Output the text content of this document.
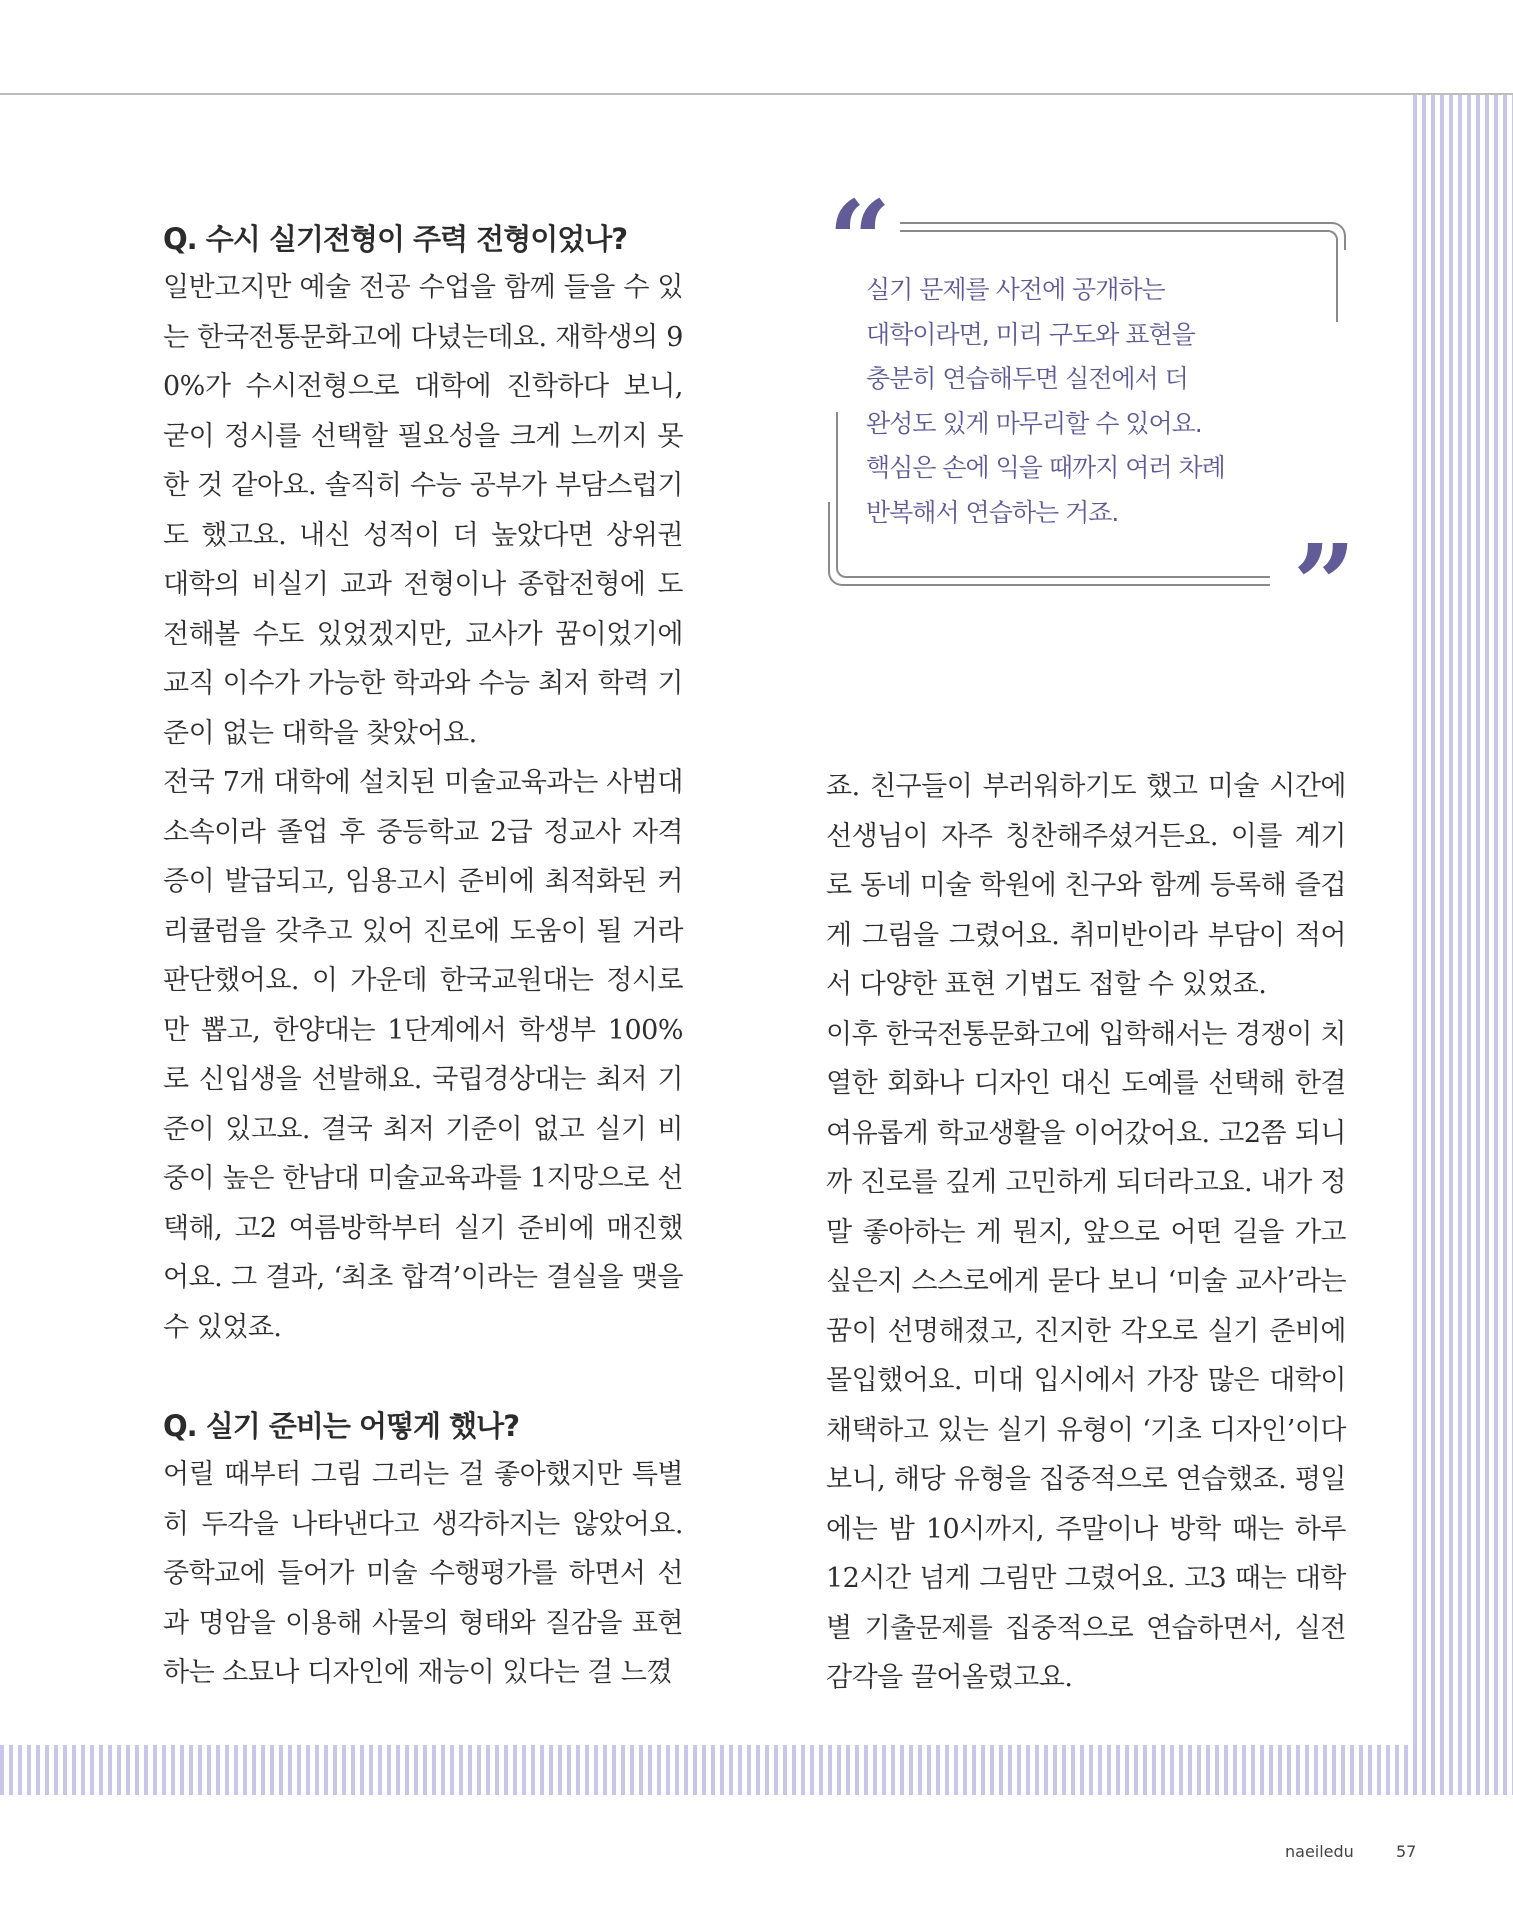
Q. 수시 실기전형이 주력 전형이었나?

일반고지만 예술 전공 수업을 함께 들을 수 있는 한국전통문화고에 다녔는데요. 재학생의 90%가 수시전형으로 대학에 진학하다 보니, 굳이 정시를 선택할 필요성을 크게 느끼지 못한 것 같아요. 솔직히 수능 공부가 부담스럽기도 했고요. 내신 성적이 더 높았다면 상위권 대학의 비실기 교과 전형이나 종합전형에 도전해볼 수도 있었겠지만, 교사가 꿈이었기에 교직 이수가 가능한 학과와 수능 최저 학력 기준이 없는 대학을 찾았어요.

전국 7개 대학에 설치된 미술교육과는 사범대 소속이라 졸업 후 중등학교 2급 정교사 자격증이 발급되고, 임용고시 준비에 최적화된 커리큘럼을 갖추고 있어 진로에 도움이 될 거라 판단했어요. 이 가운데 한국교원대는 정시로만 뽑고, 한양대는 1단계에서 학생부 100%로 신입생을 선발해요. 국립경상대는 최저 기준이 있고요. 결국 최저 기준이 없고 실기 비중이 높은 한남대 미술교육과를 1지망으로 선택해, 고2 여름방학부터 실기 준비에 매진했어요. 그 결과, ‘최초 합격’이라는 결실을 맺을 수 있었죠.

Q. 실기 준비는 어떻게 했나?

어릴 때부터 그림 그리는 걸 좋아했지만 특별히 두각을 나타낸다고 생각하지는 않았어요. 중학교에 들어가 미술 수행평가를 하면서 선과 명암을 이용해 사물의 형태와 질감을 표현하는 소묘나 디자인에 재능이 있다는 걸 느꼈

“

실기 문제를 사전에 공개하는
대학이라면, 미리 구도와 표현을
충분히 연습해두면 실전에서 더
완성도 있게 마무리할 수 있어요.
핵심은 손에 익을 때까지 여러 차례
반복해서 연습하는 거죠.

”

죠. 친구들이 부러워하기도 했고 미술 시간에 선생님이 자주 칭찬해주셨거든요. 이를 계기로 동네 미술 학원에 친구와 함께 등록해 즐겁게 그림을 그렸어요. 취미반이라 부담이 적어서 다양한 표현 기법도 접할 수 있었죠.

이후 한국전통문화고에 입학해서는 경쟁이 치열한 회화나 디자인 대신 도예를 선택해 한결 여유롭게 학교생활을 이어갔어요. 고2쯤 되니까 진로를 깊게 고민하게 되더라고요. 내가 정말 좋아하는 게 뭔지, 앞으로 어떤 길을 가고 싶은지 스스로에게 묻다 보니 ‘미술 교사’라는 꿈이 선명해졌고, 진지한 각오로 실기 준비에 몰입했어요. 미대 입시에서 가장 많은 대학이 채택하고 있는 실기 유형이 ‘기초 디자인’이다 보니, 해당 유형을 집중적으로 연습했죠. 평일에는 밤 10시까지, 주말이나 방학 때는 하루 12시간 넘게 그림만 그렸어요. 고3 때는 대학별 기출문제를 집중적으로 연습하면서, 실전 감각을 끌어올렸고요.

naeiledu	57
